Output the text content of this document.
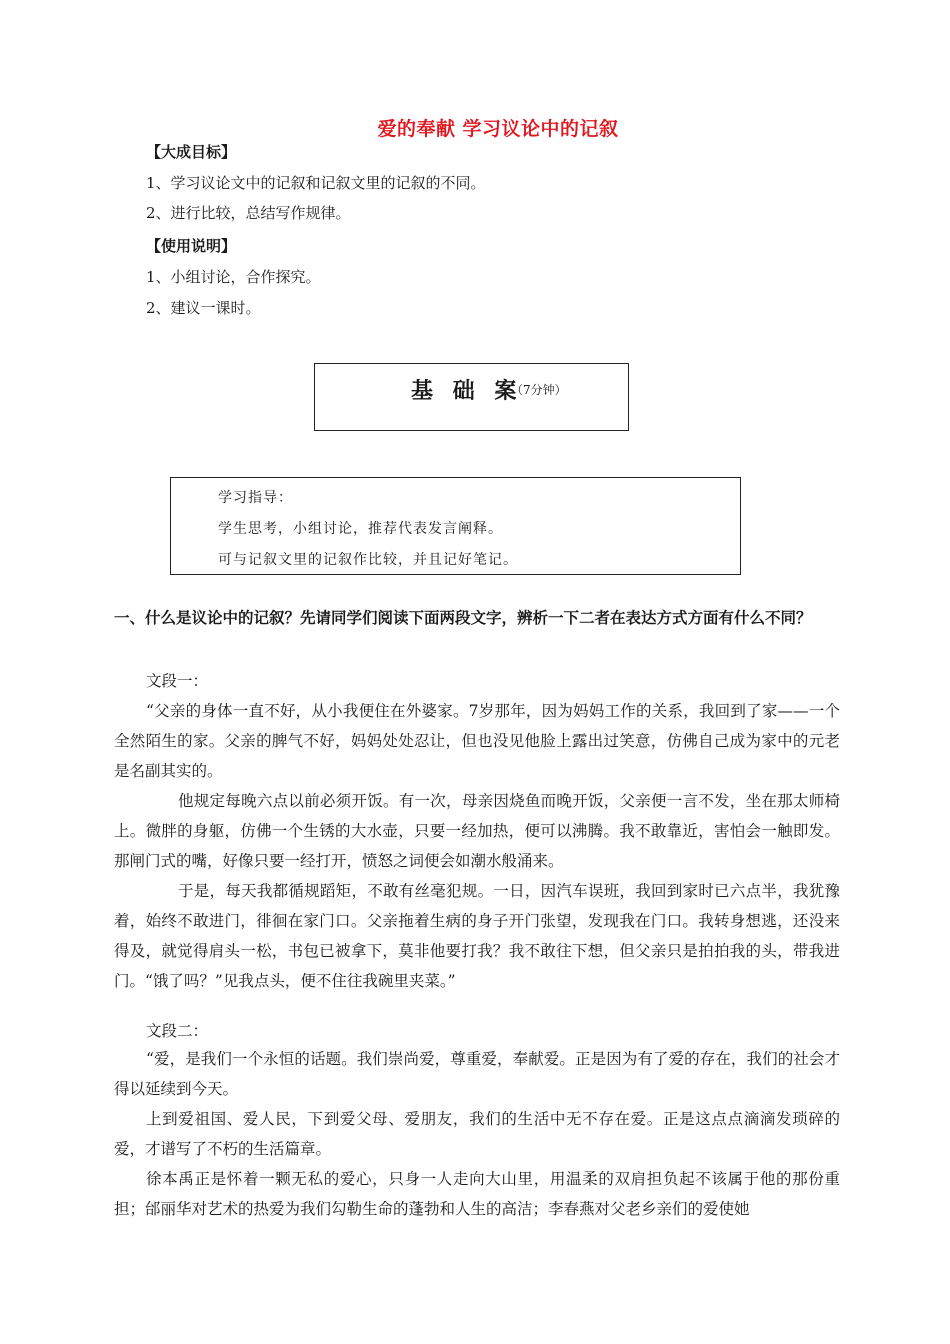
爱的奉献 学习议论中的记叙
【大成目标】
1、学习议论文中的记叙和记叙文里的记叙的不同。
2、进行比较，总结写作规律。
【使用说明】
1、小组讨论，合作探究。
2、建议一课时。
基 础 案
（7分钟）
学习指导：
学生思考，小组讨论，推荐代表发言阐释。
可与记叙文里的记叙作比较，并且记好笔记。
一、什么是议论中的记叙？先请同学们阅读下面两段文字，辨析一下二者在表达方式方面有什么不同？
文段一：

“父亲的身体一直不好，从小我便住在外婆家。7岁那年，因为妈妈工作的关系，我回到了家——一个全然陌生的家。父亲的脾气不好，妈妈处处忍让，但也没见他脸上露出过笑意，仿佛自己成为家中的元老是名副其实的。

他规定每晚六点以前必须开饭。有一次，母亲因烧鱼而晚开饭，父亲便一言不发，坐在那太师椅上。微胖的身躯，仿佛一个生锈的大水壶，只要一经加热，便可以沸腾。我不敢靠近，害怕会一触即发。那闸门式的嘴，好像只要一经打开，愤怒之词便会如潮水般涌来。

于是，每天我都循规蹈矩，不敢有丝毫犯规。一日，因汽车误班，我回到家时已六点半，我犹豫着，始终不敢进门，徘徊在家门口。父亲拖着生病的身子开门张望，发现我在门口。我转身想逃，还没来得及，就觉得肩头一松，书包已被拿下，莫非他要打我？我不敢往下想，但父亲只是拍拍我的头，带我进门。“饿了吗？”见我点头，便不住往我碗里夹菜。”

文段二：

“爱，是我们一个永恒的话题。我们崇尚爱，尊重爱，奉献爱。正是因为有了爱的存在，我们的社会才得以延续到今天。

上到爱祖国、爱人民，下到爱父母、爱朋友，我们的生活中无不存在爱。正是这点点滴滴发琐碎的爱，才谱写了不朽的生活篇章。

徐本禹正是怀着一颗无私的爱心，只身一人走向大山里，用温柔的双肩担负起不该属于他的那份重担；邰丽华对艺术的热爱为我们勾勒生命的蓬勃和人生的高洁；李春燕对父老乡亲们的爱使她
